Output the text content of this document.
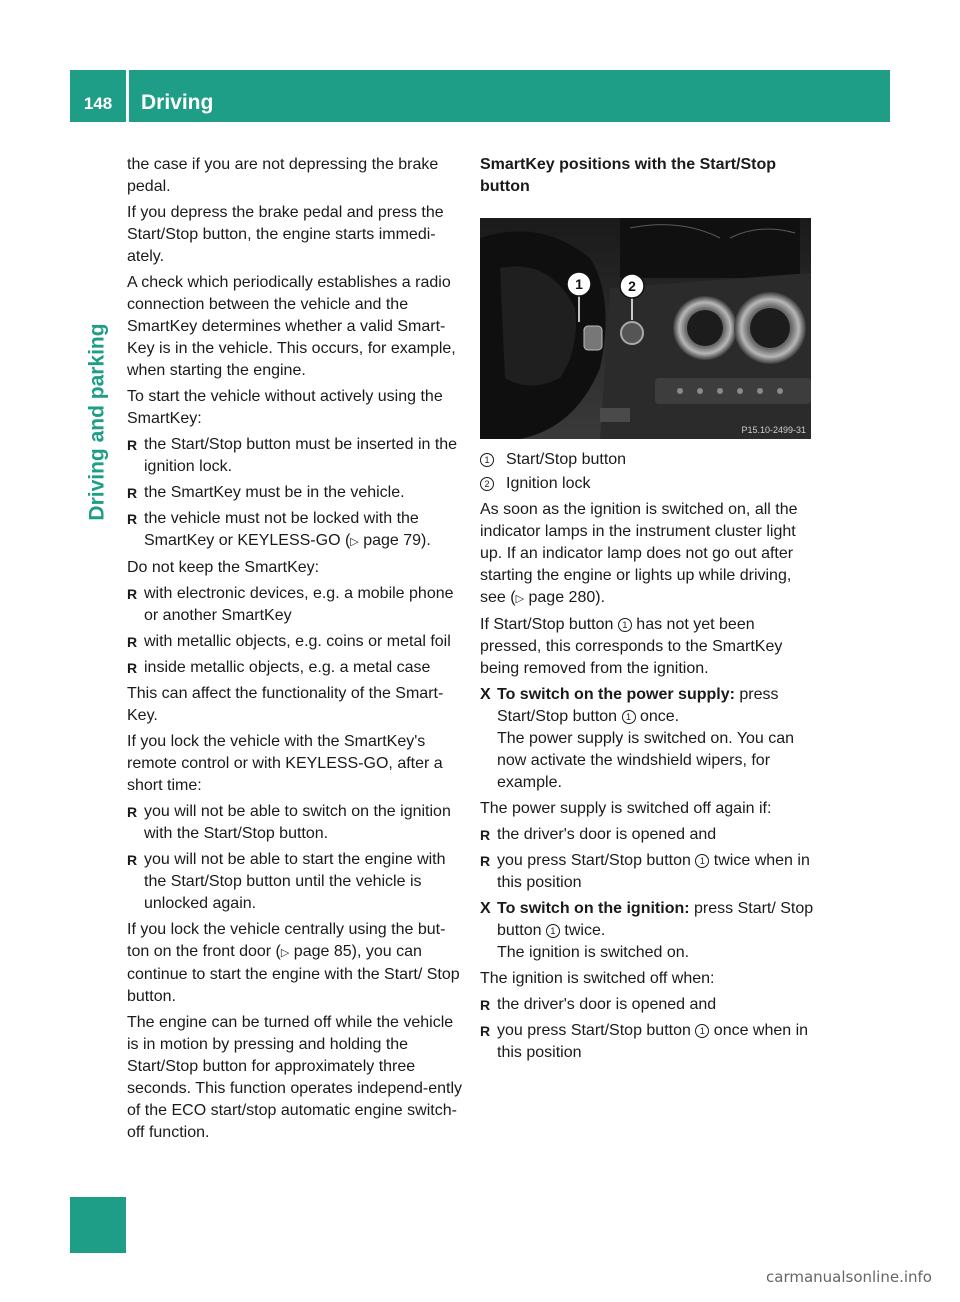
148	Driving
Driving and parking

the case if you are not depressing the brake pedal.

If you depress the brake pedal and press the Start/Stop button, the engine starts immedi-ately.

A check which periodically establishes a radio connection between the vehicle and the SmartKey determines whether a valid Smart-Key is in the vehicle. This occurs, for example, when starting the engine.

To start the vehicle without actively using the SmartKey:

R the Start/Stop button must be inserted in the ignition lock.
R the SmartKey must be in the vehicle.
R the vehicle must not be locked with the SmartKey or KEYLESS-GO (▷ page 79).

Do not keep the SmartKey:

R with electronic devices, e.g. a mobile phone or another SmartKey
R with metallic objects, e.g. coins or metal foil
R inside metallic objects, e.g. a metal case

This can affect the functionality of the Smart-Key.

If you lock the vehicle with the SmartKey's remote control or with KEYLESS-GO, after a short time:

R you will not be able to switch on the ignition with the Start/Stop button.
R you will not be able to start the engine with the Start/Stop button until the vehicle is unlocked again.

If you lock the vehicle centrally using the but-ton on the front door (▷ page 85), you can continue to start the engine with the Start/ Stop button.

The engine can be turned off while the vehicle is in motion by pressing and holding the Start/Stop button for approximately three seconds. This function operates independ-ently of the ECO start/stop automatic engine switch-off function.

SmartKey positions with the Start/Stop button

1	2
P15.10-2499-31
1 Start/Stop button
2 Ignition lock

As soon as the ignition is switched on, all the indicator lamps in the instrument cluster light up. If an indicator lamp does not go out after starting the engine or lights up while driving, see (▷ page 280).

If Start/Stop button 1 has not yet been pressed, this corresponds to the SmartKey being removed from the ignition.

X To switch on the power supply: press Start/Stop button 1 once.
The power supply is switched on. You can now activate the windshield wipers, for example.

The power supply is switched off again if:

R the driver's door is opened and
R you press Start/Stop button 1 twice when in this position
X To switch on the ignition: press Start/ Stop button 1 twice.
The ignition is switched on.

The ignition is switched off when:

R the driver's door is opened and
R you press Start/Stop button 1 once when in this position
carmanualsonline.info
